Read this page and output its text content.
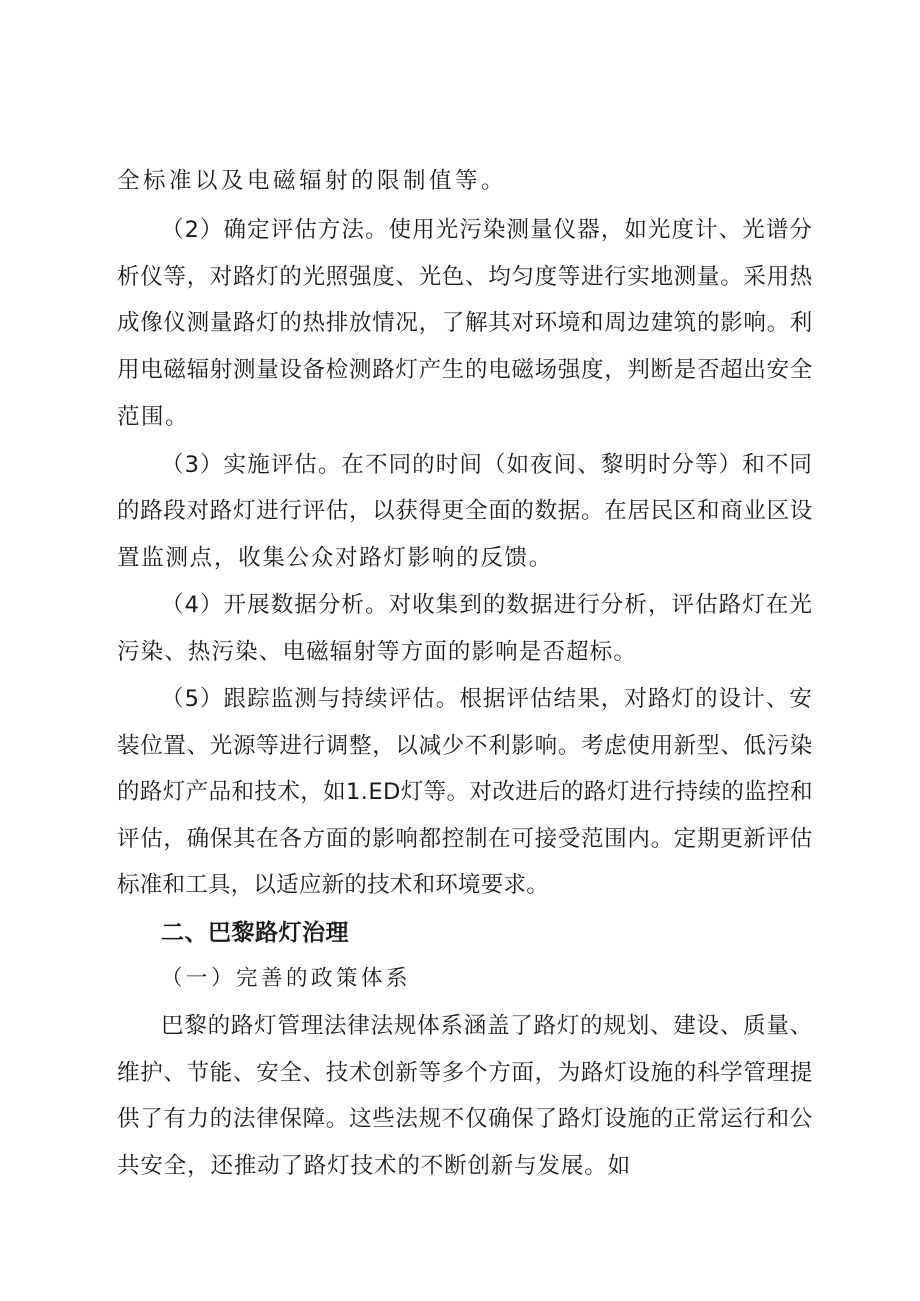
全标准以及电磁辐射的限制值等。
（2）确定评估方法。使用光污染测量仪器，如光度计、光谱分
析仪等，对路灯的光照强度、光色、均匀度等进行实地测量。采用热
成像仪测量路灯的热排放情况，了解其对环境和周边建筑的影响。利
用电磁辐射测量设备检测路灯产生的电磁场强度，判断是否超出安全
范围。
（3）实施评估。在不同的时间（如夜间、黎明时分等）和不同
的路段对路灯进行评估，以获得更全面的数据。在居民区和商业区设
置监测点，收集公众对路灯影响的反馈。
（4）开展数据分析。对收集到的数据进行分析，评估路灯在光
污染、热污染、电磁辐射等方面的影响是否超标。
（5）跟踪监测与持续评估。根据评估结果，对路灯的设计、安
装位置、光源等进行调整，以减少不利影响。考虑使用新型、低污染
的路灯产品和技术，如1.ED灯等。对改进后的路灯进行持续的监控和
评估，确保其在各方面的影响都控制在可接受范围内。定期更新评估
标准和工具，以适应新的技术和环境要求。
二、巴黎路灯治理
（一）完善的政策体系
巴黎的路灯管理法律法规体系涵盖了路灯的规划、建设、质量、
维护、节能、安全、技术创新等多个方面，为路灯设施的科学管理提
供了有力的法律保障。这些法规不仅确保了路灯设施的正常运行和公
共安全，还推动了路灯技术的不断创新与发展。如
